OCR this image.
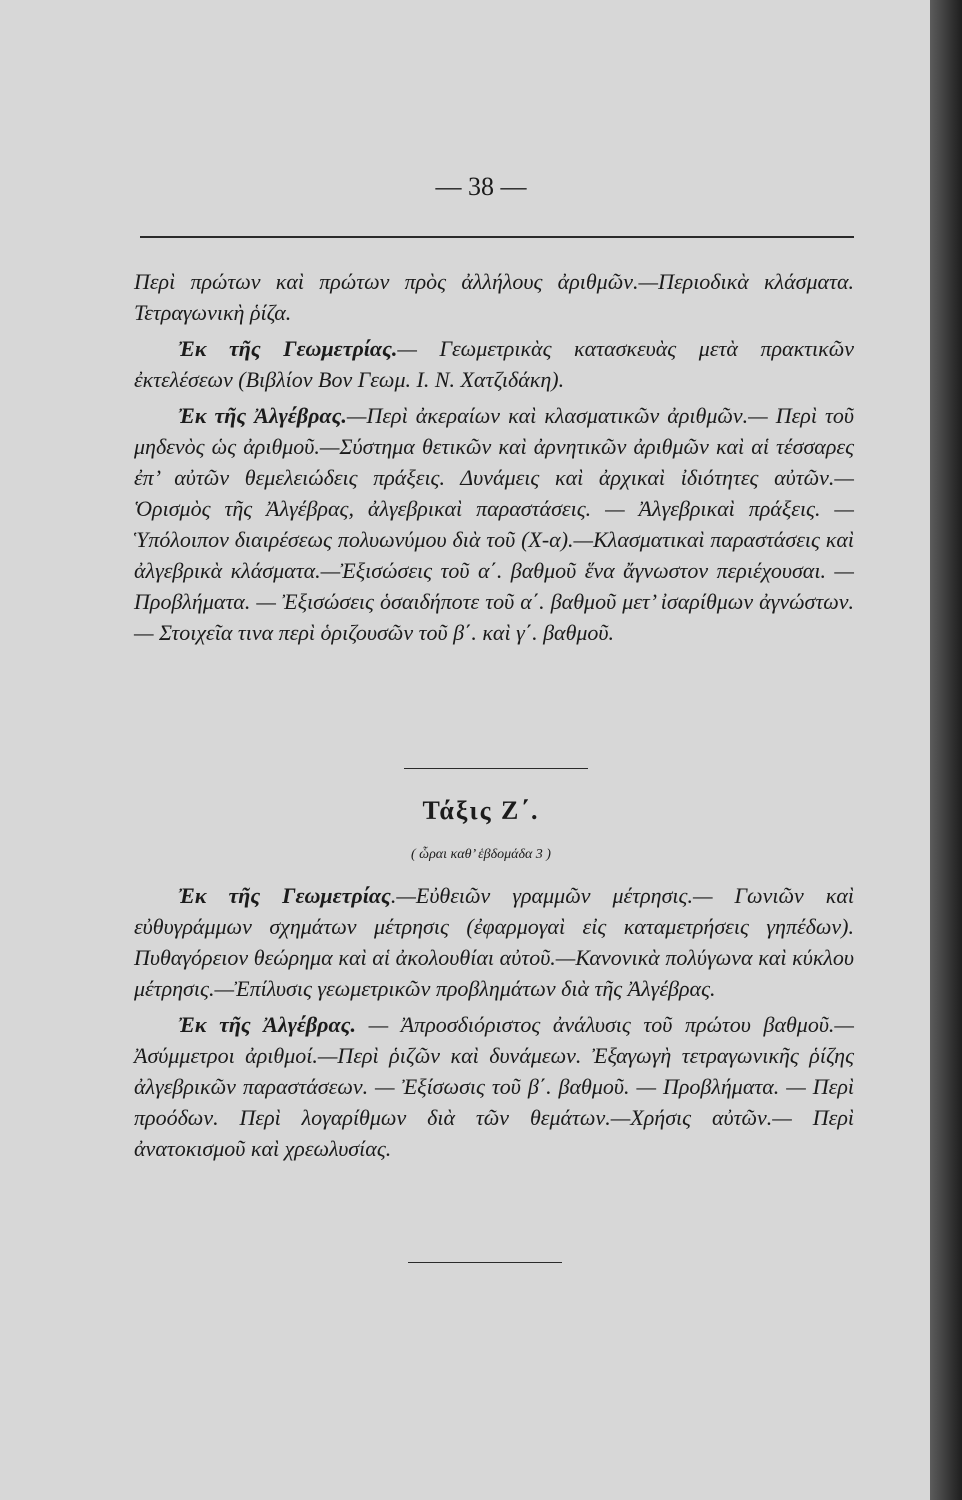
— 38 —

Περὶ πρώτων καὶ πρώτων πρὸς ἀλλήλους ἀριθμῶν.—Περιοδικὰ κλάσματα. Τετραγωνικὴ ῥίζα.

Ἐκ τῆς Γεωμετρίας.— Γεωμετρικὰς κατασκευὰς μετὰ πρακτικῶν ἐκτελέσεων (Βιβλίον Βον Γεωμ. Ι. Ν. Χατζιδάκη).

Ἐκ τῆς Ἀλγέβρας.—Περὶ ἀκεραίων καὶ κλασματικῶν ἀριθμῶν.— Περὶ τοῦ μηδενὸς ὡς ἀριθμοῦ.—Σύστημα θετικῶν καὶ ἀρνητικῶν ἀριθμῶν καὶ αἱ τέσσαρες ἐπ’ αὐτῶν θεμελειώδεις πράξεις. Δυνάμεις καὶ ἀρχικαὶ ἰδιότητες αὐτῶν.— Ὁρισμὸς τῆς Ἀλγέβρας, ἀλγεβρικαὶ παραστάσεις. — Ἀλγεβρικαὶ πράξεις. — Ὑπόλοιπον διαιρέσεως πολυωνύμου διὰ τοῦ (Χ-α).—Κλασματικαὶ παραστάσεις καὶ ἀλγεβρικὰ κλάσματα.—Ἐξισώσεις τοῦ α΄. βαθμοῦ ἕνα ἄγνωστον περιέχουσαι. — Προβλήματα. — Ἐξισώσεις ὁσαιδήποτε τοῦ α΄. βαθμοῦ μετ’ ἰσαρίθμων ἀγνώστων.— Στοιχεῖα τινα περὶ ὁριζουσῶν τοῦ β΄. καὶ γ΄. βαθμοῦ.

Τάξις Ζ΄.
( ὧραι καθ’ ἑβδομάδα 3 )

Ἐκ τῆς Γεωμετρίας.—Εὐθειῶν γραμμῶν μέτρησις.— Γωνιῶν καὶ εὐθυγράμμων σχημάτων μέτρησις (ἐφαρμογαὶ εἰς καταμετρήσεις γηπέδων). Πυθαγόρειον θεώρημα καὶ αἱ ἀκολουθίαι αὐτοῦ.—Κανονικὰ πολύγωνα καὶ κύκλου μέτρησις.—Ἐπίλυσις γεωμετρικῶν προβλημάτων διὰ τῆς Ἀλγέβρας.

Ἐκ τῆς Ἀλγέβρας. — Ἀπροσδιόριστος ἀνάλυσις τοῦ πρώτου βαθμοῦ.—Ἀσύμμετροι ἀριθμοί.—Περὶ ῥιζῶν καὶ δυνάμεων. Ἐξαγωγὴ τετραγωνικῆς ῥίζης ἀλγεβρικῶν παραστάσεων. — Ἐξίσωσις τοῦ β΄. βαθμοῦ. — Προβλήματα. — Περὶ προόδων. Περὶ λογαρίθμων διὰ τῶν θεμάτων.—Χρήσις αὐτῶν.— Περὶ ἀνατοκισμοῦ καὶ χρεωλυσίας.
